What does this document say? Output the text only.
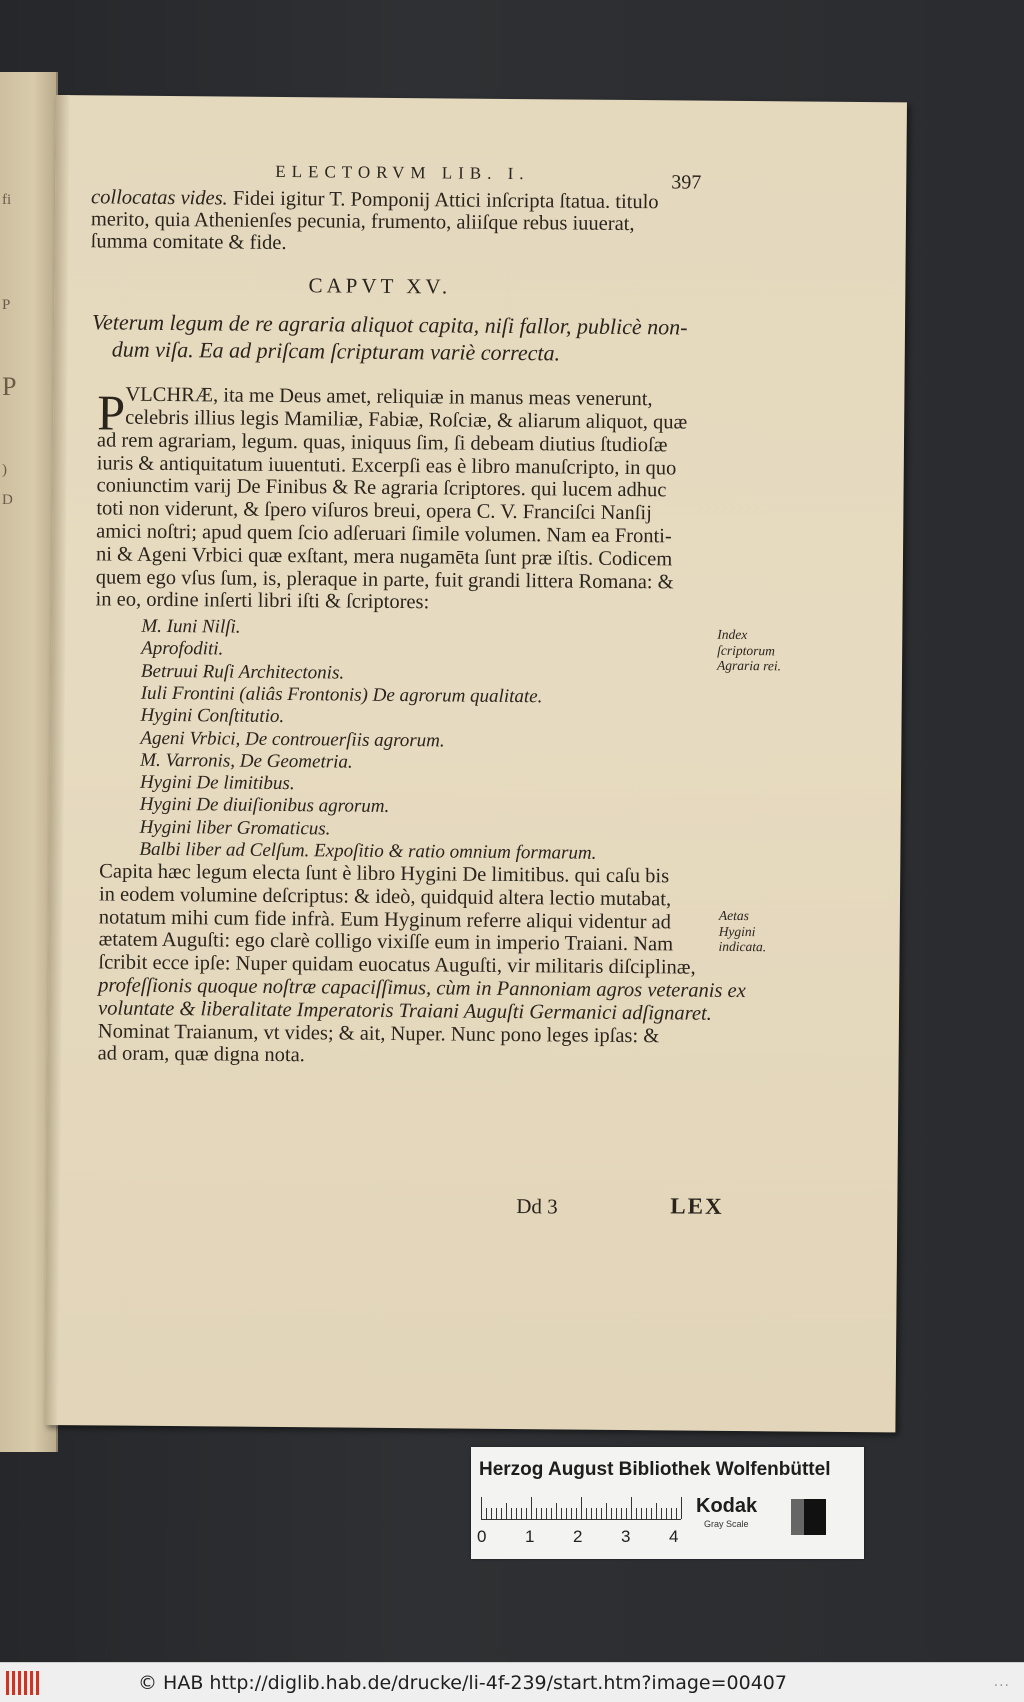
fi
P
P
)
D
ELECTORVM LIB. I.	397
collocatas vides. Fidei igitur T. Pomponij Attici inſcripta ſtatua. titulo
merito, quia Athenienſes pecunia, frumento, aliiſque rebus iuuerat,
ſumma comitate & fide.
CAPVT XV.
Veterum legum de re agraria aliquot capita, niſi fallor, publicè non-
dum viſa. Ea ad priſcam ſcripturam variè correcta.
P VLCHRÆ, ita me Deus amet, reliquiæ in manus meas venerunt,
celebris illius legis Mamiliæ, Fabiæ, Roſciæ, & aliarum aliquot, quæ
ad rem agrariam, legum. quas, iniquus ſim, ſi debeam diutius ſtudioſæ
iuris & antiquitatum iuuentuti. Excerpſi eas è libro manuſcripto, in quo
coniunctim varij De Finibus & Re agraria ſcriptores. qui lucem adhuc
toti non viderunt, & ſpero viſuros breui, opera C. V. Franciſci Nanſij
amici noſtri; apud quem ſcio adſeruari ſimile volumen. Nam ea Fronti-
ni & Ageni Vrbici quæ exſtant, mera nugamēta ſunt præ iſtis. Codicem
quem ego vſus ſum, is, pleraque in parte, fuit grandi littera Romana: &
in eo, ordine inſerti libri iſti & ſcriptores:
M. Iuni Nilſi.
Aprofoditi.
Betruui Ruſi Architectonis.
Iuli Frontini (aliâs Frontonis) De agrorum qualitate.
Hygini Conſtitutio.
Ageni Vrbici, De controuerſiis agrorum.
M. Varronis, De Geometria.
Hygini De limitibus.
Hygini De diuiſionibus agrorum.
Hygini liber Gromaticus.
Balbi liber ad Celſum. Expoſitio & ratio omnium formarum.
Capita hæc legum electa ſunt è libro Hygini De limitibus. qui caſu bis
in eodem volumine deſcriptus: & ideò, quidquid altera lectio mutabat,
notatum mihi cum fide infrà. Eum Hyginum referre aliqui videntur ad
ætatem Auguſti: ego clarè colligo vixiſſe eum in imperio Traiani. Nam
ſcribit ecce ipſe: Nuper quidam euocatus Auguſti, vir militaris diſciplinæ,
profeſſionis quoque noſtræ capaciſſimus, cùm in Pannoniam agros veteranis ex
voluntate & liberalitate Imperatoris Traiani Auguſti Germanici adſignaret.
Nominat Traianum, vt vides; & ait, Nuper. Nunc pono leges ipſas: &
ad oram, quæ digna nota.
Index ſcriptorum Agraria rei.
Aetas Hygini indicata.
Dd 3	LEX
Herzog August Bibliothek Wolfenbüttel
0 1 2 3 4
Kodak
Gray Scale
© HAB http://diglib.hab.de/drucke/li-4f-239/start.htm?image=00407	...
